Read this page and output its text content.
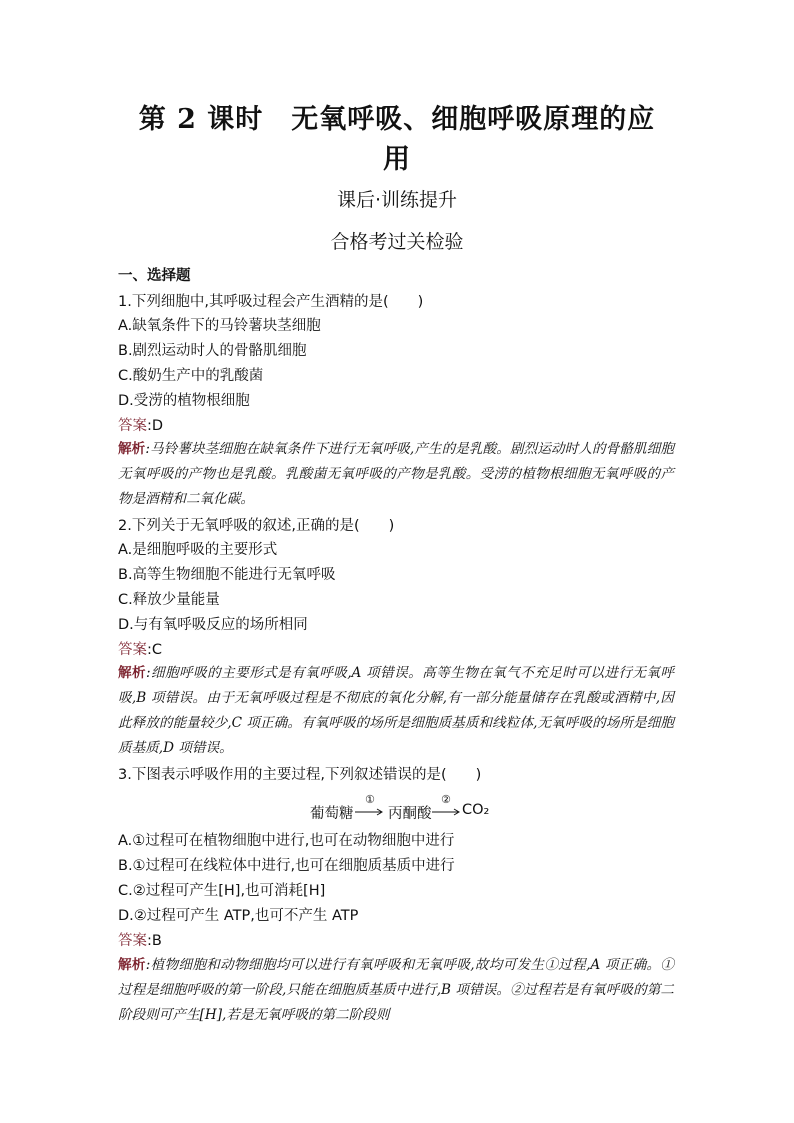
第 2 课时　无氧呼吸、细胞呼吸原理的应
用
课后·训练提升
合格考过关检验
一、选择题
1.下列细胞中,其呼吸过程会产生酒精的是(　　)
A.缺氧条件下的马铃薯块茎细胞
B.剧烈运动时人的骨骼肌细胞
C.酸奶生产中的乳酸菌
D.受涝的植物根细胞
答案:D
解析:马铃薯块茎细胞在缺氧条件下进行无氧呼吸,产生的是乳酸。剧烈运动时人的骨骼肌细胞无氧呼吸的产物也是乳酸。乳酸菌无氧呼吸的产物是乳酸。受涝的植物根细胞无氧呼吸的产物是酒精和二氧化碳。
2.下列关于无氧呼吸的叙述,正确的是(　　)
A.是细胞呼吸的主要形式
B.高等生物细胞不能进行无氧呼吸
C.释放少量能量
D.与有氧呼吸反应的场所相同
答案:C
解析:细胞呼吸的主要形式是有氧呼吸,A 项错误。高等生物在氧气不充足时可以进行无氧呼吸,B 项错误。由于无氧呼吸过程是不彻底的氧化分解,有一部分能量储存在乳酸或酒精中,因此释放的能量较少,C 项正确。有氧呼吸的场所是细胞质基质和线粒体,无氧呼吸的场所是细胞质基质,D 项错误。
3.下图表示呼吸作用的主要过程,下列叙述错误的是(　　)
葡萄糖
①
丙酮酸
②
CO₂
A.①过程可在植物细胞中进行,也可在动物细胞中进行
B.①过程可在线粒体中进行,也可在细胞质基质中进行
C.②过程可产生[H],也可消耗[H]
D.②过程可产生 ATP,也可不产生 ATP
答案:B
解析:植物细胞和动物细胞均可以进行有氧呼吸和无氧呼吸,故均可发生①过程,A 项正确。①过程是细胞呼吸的第一阶段,只能在细胞质基质中进行,B 项错误。②过程若是有氧呼吸的第二阶段则可产生[H],若是无氧呼吸的第二阶段则
